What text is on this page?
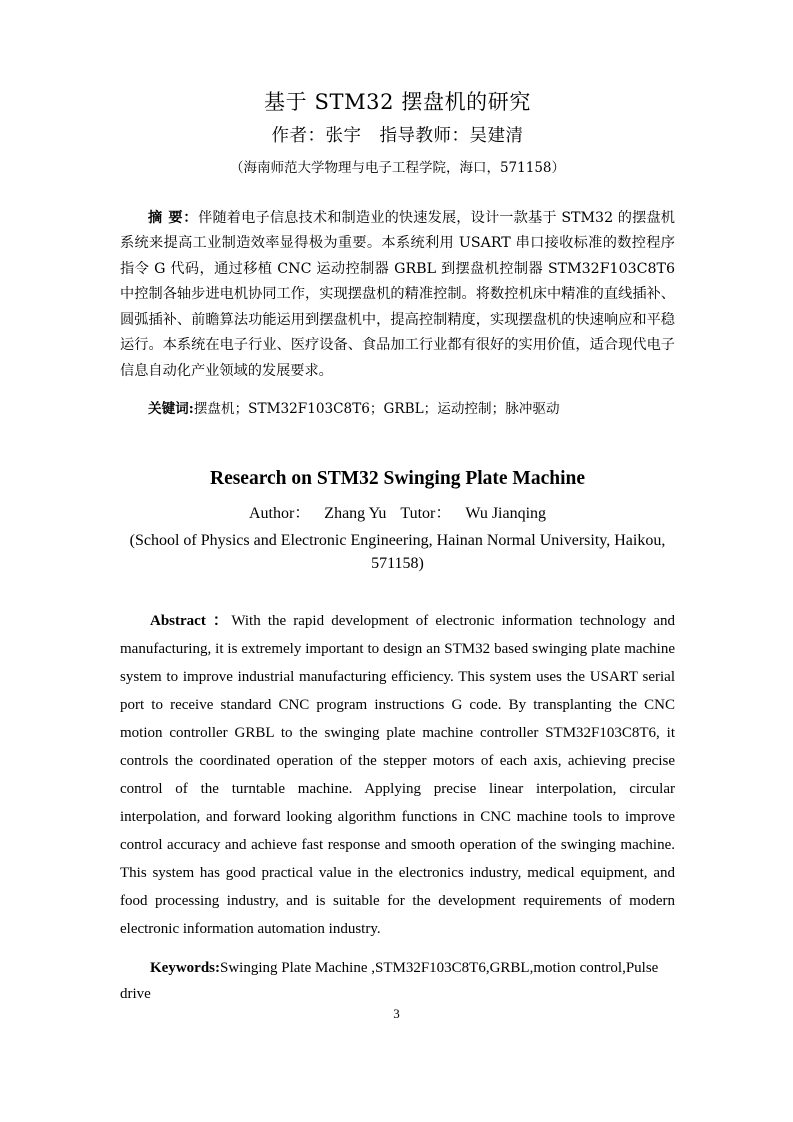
基于 STM32 摆盘机的研究

作者：张宇　指导教师：吴建清

（海南师范大学物理与电子工程学院，海口，571158）

摘 要：伴随着电子信息技术和制造业的快速发展，设计一款基于 STM32 的摆盘机系统来提高工业制造效率显得极为重要。本系统利用 USART 串口接收标准的数控程序指令 G 代码，通过移植 CNC 运动控制器 GRBL 到摆盘机控制器 STM32F103C8T6 中控制各轴步进电机协同工作，实现摆盘机的精准控制。将数控机床中精准的直线插补、圆弧插补、前瞻算法功能运用到摆盘机中，提高控制精度，实现摆盘机的快速响应和平稳运行。本系统在电子行业、医疗设备、食品加工行业都有很好的实用价值，适合现代电子信息自动化产业领域的发展要求。

关键词:摆盘机；STM32F103C8T6；GRBL；运动控制；脉冲驱动

Research on STM32 Swinging Plate Machine

Author： Zhang Yu Tutor： Wu Jianqing

(School of Physics and Electronic Engineering, Hainan Normal University, Haikou, 571158)

Abstract ：With the rapid development of electronic information technology and manufacturing, it is extremely important to design an STM32 based swinging plate machine system to improve industrial manufacturing efficiency. This system uses the USART serial port to receive standard CNC program instructions G code. By transplanting the CNC motion controller GRBL to the swinging plate machine controller STM32F103C8T6, it controls the coordinated operation of the stepper motors of each axis, achieving precise control of the turntable machine. Applying precise linear interpolation, circular interpolation, and forward looking algorithm functions in CNC machine tools to improve control accuracy and achieve fast response and smooth operation of the swinging machine. This system has good practical value in the electronics industry, medical equipment, and food processing industry, and is suitable for the development requirements of modern electronic information automation industry.

Keywords:Swinging Plate Machine ,STM32F103C8T6,GRBL,motion control,Pulse drive

3
